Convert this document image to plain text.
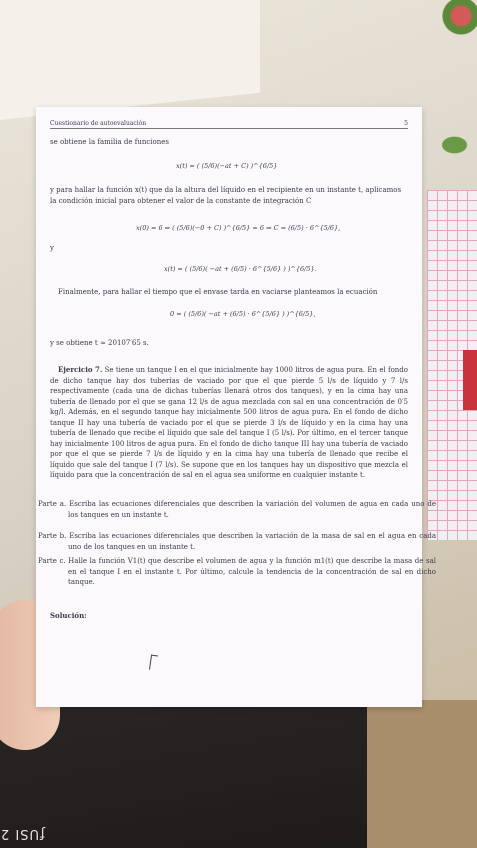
ƒUSI 2
Cuestionario de autoevaluación	5
se obtiene la familia de funciones
x(t) = ( (5/6)(−at + C) )^{6/5}
y para hallar la función x(t) que da la altura del líquido en el recipiente en un instante t, aplicamos
la condición inicial para obtener el valor de la constante de integración C
x(0) = 6 ⇒ ( (5/6)(−0 + C) )^{6/5} = 6 ⇒ C = (6/5) · 6^{5/6},
y
x(t) = ( (5/6)( −at + (6/5) · 6^{5/6} ) )^{6/5}.
Finalmente, para hallar el tiempo que el envase tarda en vaciarse planteamos la ecuación
0 = ( (5/6)( −at + (6/5) · 6^{5/6} ) )^{6/5},
y se obtiene t ≈ 20107′65 s.
Ejercicio 7. Se tiene un tanque I en el que inicialmente hay 1000 litros de agua pura. En el fondo de dicho tanque hay dos tuberías de vaciado por que el que pierde 5 l/s de líquido y 7 l/s respectivamente (cada una de dichas tuberías llenará otros dos tanques), y en la cima hay una tubería de llenado por el que se gana 12 l/s de agua mezclada con sal en una concentración de 0′5 kg/l. Además, en el segundo tanque hay inicialmente 500 litros de agua pura. En el fondo de dicho tanque II hay una tubería de vaciado por el que se pierde 3 l/s de líquido y en la cima hay una tubería de llenado que recibe el líquido que sale del tanque I (5 l/s). Por último, en el tercer tanque hay inicialmente 100 litros de agua pura. En el fondo de dicho tanque III hay una tubería de vaciado por que el que se pierde 7 l/s de líquido y en la cima hay una tubería de llenado que recibe el líquido que sale del tanque I (7 l/s). Se supone que en los tanques hay un dispositivo que mezcla el líquido para que la concentración de sal en el agua sea uniforme en cualquier instante t.
Parte a. Escriba las ecuaciones diferenciales que describen la variación del volumen de agua en cada uno de los tanques en un instante t.
Parte b. Escriba las ecuaciones diferenciales que describen la variación de la masa de sal en el agua en cada uno de los tanques en un instante t.
Parte c. Halle la función V1(t) que describe el volumen de agua y la función m1(t) que describe la masa de sal en el tanque I en el instante t. Por último, calcule la tendencia de la concentración de sal en dicho tanque.
Solución:
